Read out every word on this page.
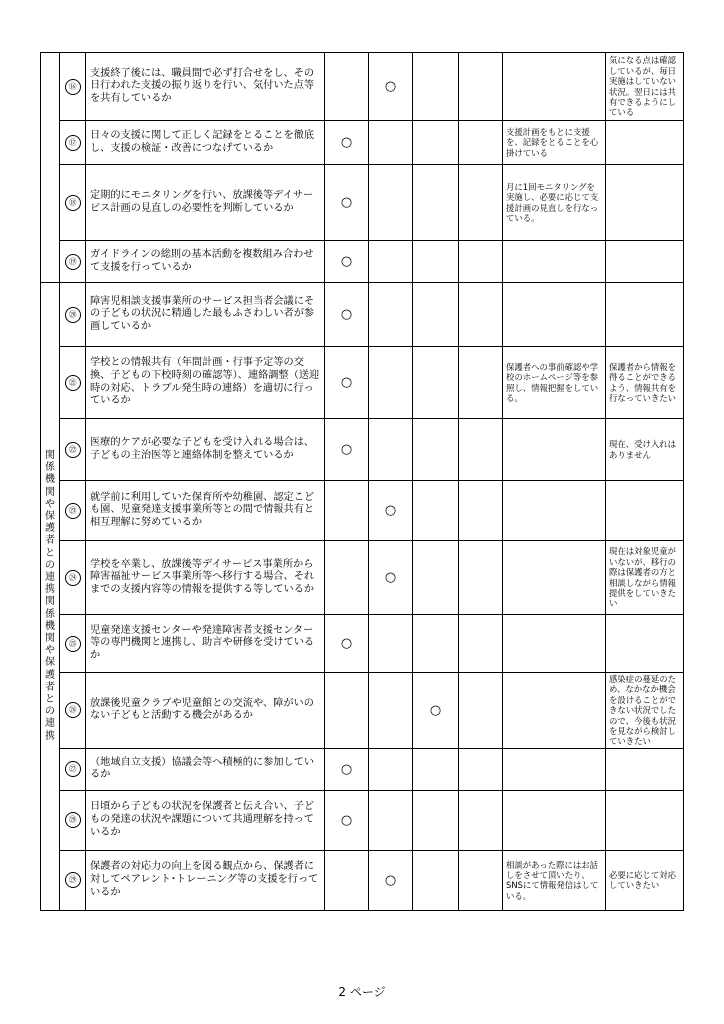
	⑯	支援終了後には、職員間で必ず打合せをし、その日行われた支援の振り返りを行い、気付いた点等を共有しているか		○				気になる点は確認しているが、毎日実施はしていない状況。翌日には共有できるようにしている
	⑰	日々の支援に関して正しく記録をとることを徹底し、支援の検証・改善につなげているか	○				支援計画をもとに支援を、記録をとることを心掛けている	
	⑱	定期的にモニタリングを行い、放課後等デイサービス計画の見直しの必要性を判断しているか	○				月に1回モニタリングを実施し、必要に応じて支援計画の見直しを行なっている。	
	⑲	ガイドラインの総則の基本活動を複数組み合わせて支援を行っているか	○					

関係機関や保護者との連携関係機関や保護者との連携	⑳	障害児相談支援事業所のサービス担当者会議にその子どもの状況に精通した最もふさわしい者が参画しているか	○					
	㉑	学校との情報共有（年間計画・行事予定等の交換、子どもの下校時刻の確認等）、連絡調整（送迎時の対応、トラブル発生時の連絡）を適切に行っているか	○				保護者への事前確認や学校のホームページ等を参照し、情報把握をしている。	保護者から情報を得ることができるよう、情報共有を行なっていきたい
	㉒	医療的ケアが必要な子どもを受け入れる場合は、子どもの主治医等と連絡体制を整えているか	○					現在、受け入れはありません
	㉓	就学前に利用していた保育所や幼稚園、認定こども園、児童発達支援事業所等との間で情報共有と相互理解に努めているか		○				
	㉔	学校を卒業し、放課後等デイサービス事業所から障害福祉サービス事業所等へ移行する場合、それまでの支援内容等の情報を提供する等しているか		○				現在は対象児童がいないが、移行の際は保護者の方と相談しながら情報提供をしていきたい
	㉕	児童発達支援センターや発達障害者支援センター等の専門機関と連携し、助言や研修を受けているか	○					
	㉖	放課後児童クラブや児童館との交流や、障がいのない子どもと活動する機会があるか			○			感染症の蔓延のため、なかなか機会を設けることができない状況でしたので、今後も状況を見ながら検討していきたい
	㉗	（地域自立支援）協議会等へ積極的に参加しているか	○					
	㉘	日頃から子どもの状況を保護者と伝え合い、子どもの発達の状況や課題について共通理解を持っているか	○					
	㉙	保護者の対応力の向上を図る観点から、保護者に対してペアレント･トレーニング等の支援を行っているか		○			相談があった際にはお話しをさせて頂いたり、SNSにて情報発信はしている。	必要に応じて対応していきたい
2 ページ
